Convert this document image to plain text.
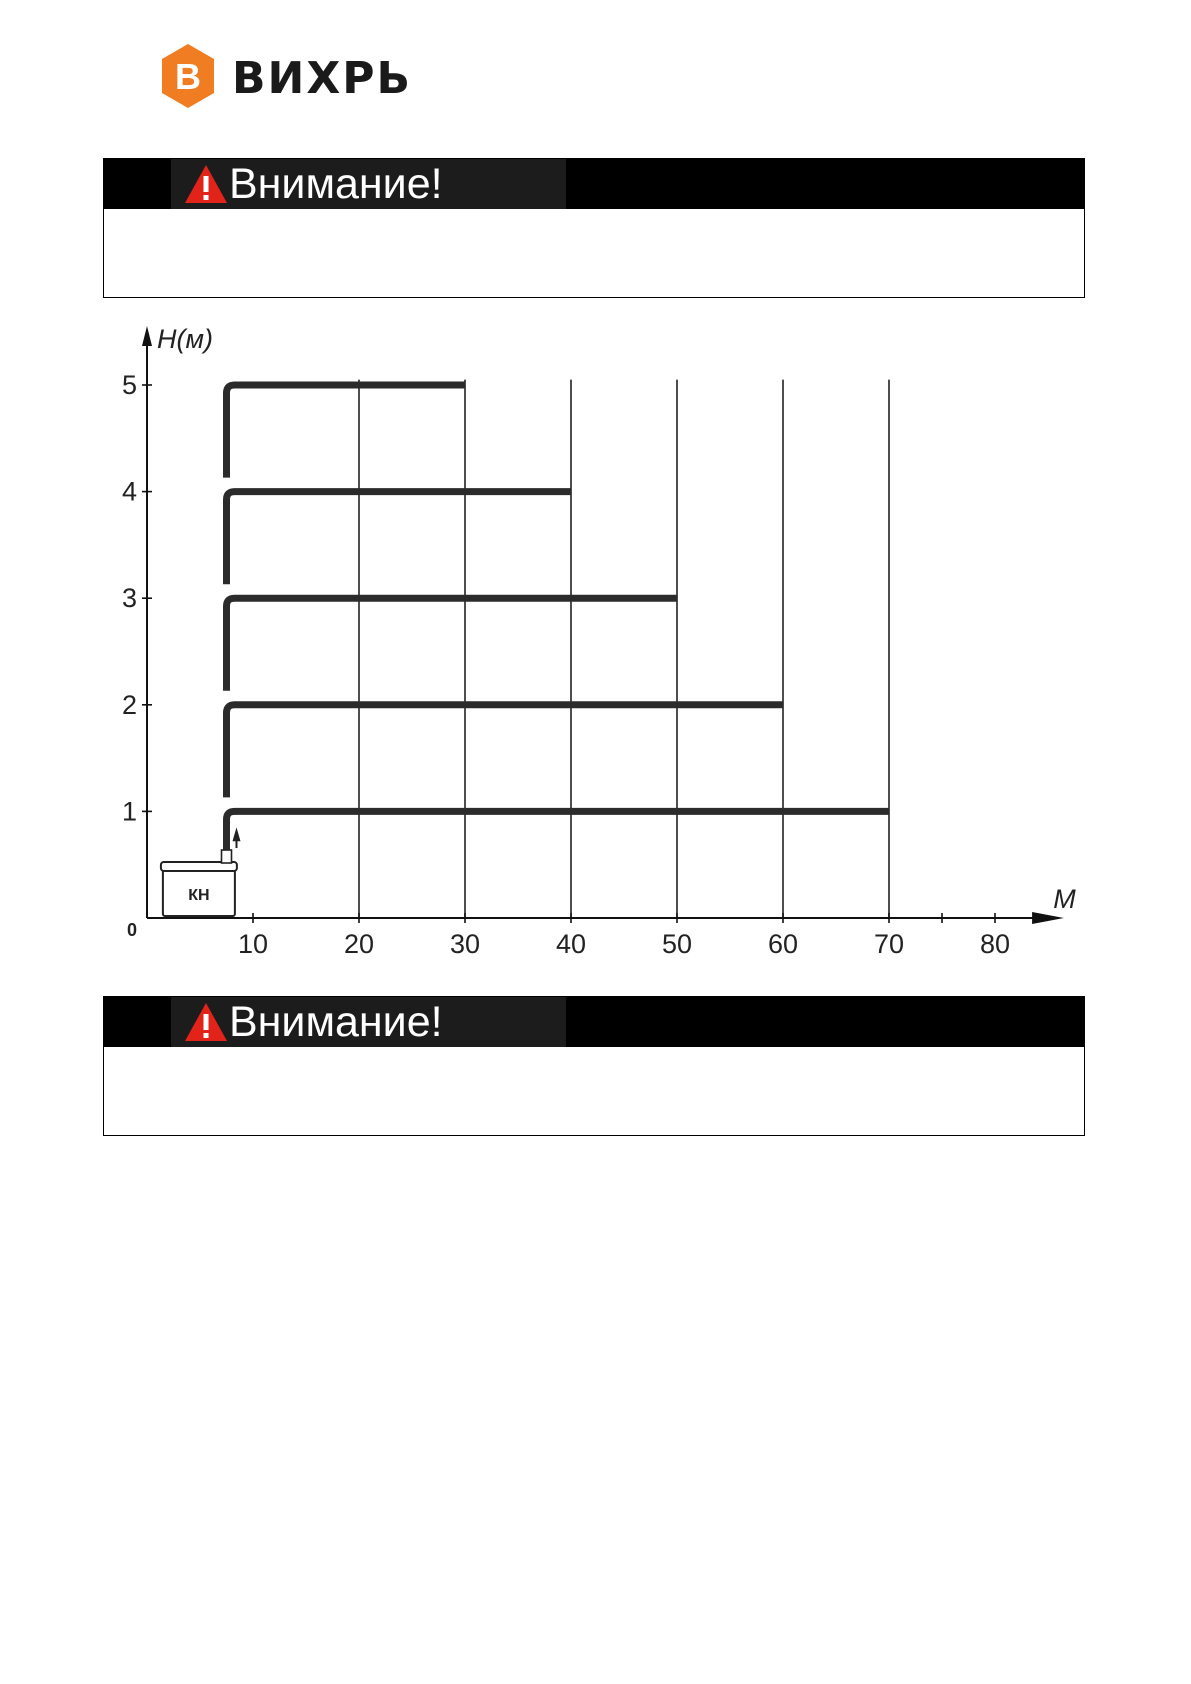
В ВИХРЬ
Внимание!
КН
10	20	30	40	50	60	70	80
1
2
3
4
5
0
H(м)
М
Внимание!
